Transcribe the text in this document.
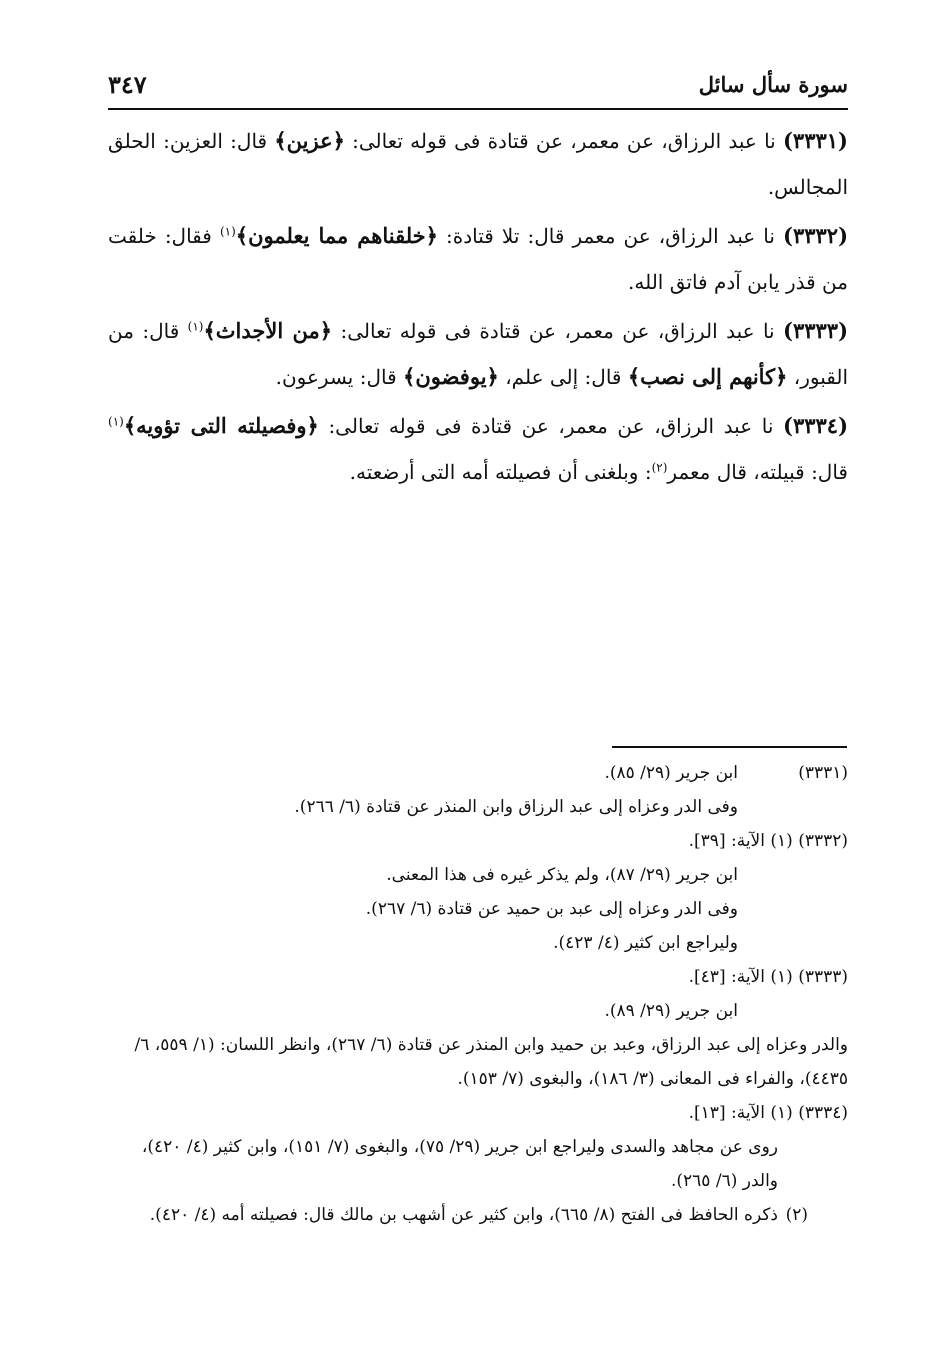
سورة سأل سائل
٣٤٧

(٣٣٣١) نا عبد الرزاق، عن معمر، عن قتادة فى قوله تعالى: ﴿عزين﴾ قال: العزين: الحلق المجالس.

(٣٣٣٢) نا عبد الرزاق، عن معمر قال: تلا قتادة: ﴿خلقناهم مما يعلمون﴾$^{(١)}$ فقال: خلقت من قذر يابن آدم فاتق الله.

(٣٣٣٣) نا عبد الرزاق، عن معمر، عن قتادة فى قوله تعالى: ﴿من الأجداث﴾$^{(١)}$ قال: من القبور، ﴿كأنهم إلى نصب﴾ قال: إلى علم، ﴿يوفضون﴾ قال: يسرعون.

(٣٣٣٤) نا عبد الرزاق، عن معمر، عن قتادة فى قوله تعالى: ﴿وفصيلته التى تؤويه﴾$^{(١)}$ قال: قبيلته، قال معمر$^{(٢)}$: وبلغنى أن فصيلته أمه التى أرضعته.

(٣٣٣١)
ابن جرير (٢٩/ ٨٥).
وفى الدر وعزاه إلى عبد الرزاق وابن المنذر عن قتادة (٦/ ٢٦٦).
(٣٣٣٢) (١) الآية: [٣٩].
ابن جرير (٢٩/ ٨٧)، ولم يذكر غيره فى هذا المعنى.
وفى الدر وعزاه إلى عبد بن حميد عن قتادة (٦/ ٢٦٧).
وليراجع ابن كثير (٤/ ٤٢٣).
(٣٣٣٣) (١) الآية: [٤٣].
ابن جرير (٢٩/ ٨٩).
والدر وعزاه إلى عبد الرزاق، وعبد بن حميد وابن المنذر عن قتادة (٦/ ٢٦٧)، وانظر اللسان: (١/ ٥٥٩، ٦/ ٤٤٣٥)، والفراء فى المعانى (٣/ ١٨٦)، والبغوى (٧/ ١٥٣).
(٣٣٣٤) (١) الآية: [١٣].
روى عن مجاهد والسدى وليراجع ابن جرير (٢٩/ ٧٥)، والبغوى (٧/ ١٥١)، وابن كثير (٤/ ٤٢٠)، والدر (٦/ ٢٦٥).
(٢)
ذكره الحافظ فى الفتح (٨/ ٦٦٥)، وابن كثير عن أشهب بن مالك قال: فصيلته أمه (٤/ ٤٢٠).
